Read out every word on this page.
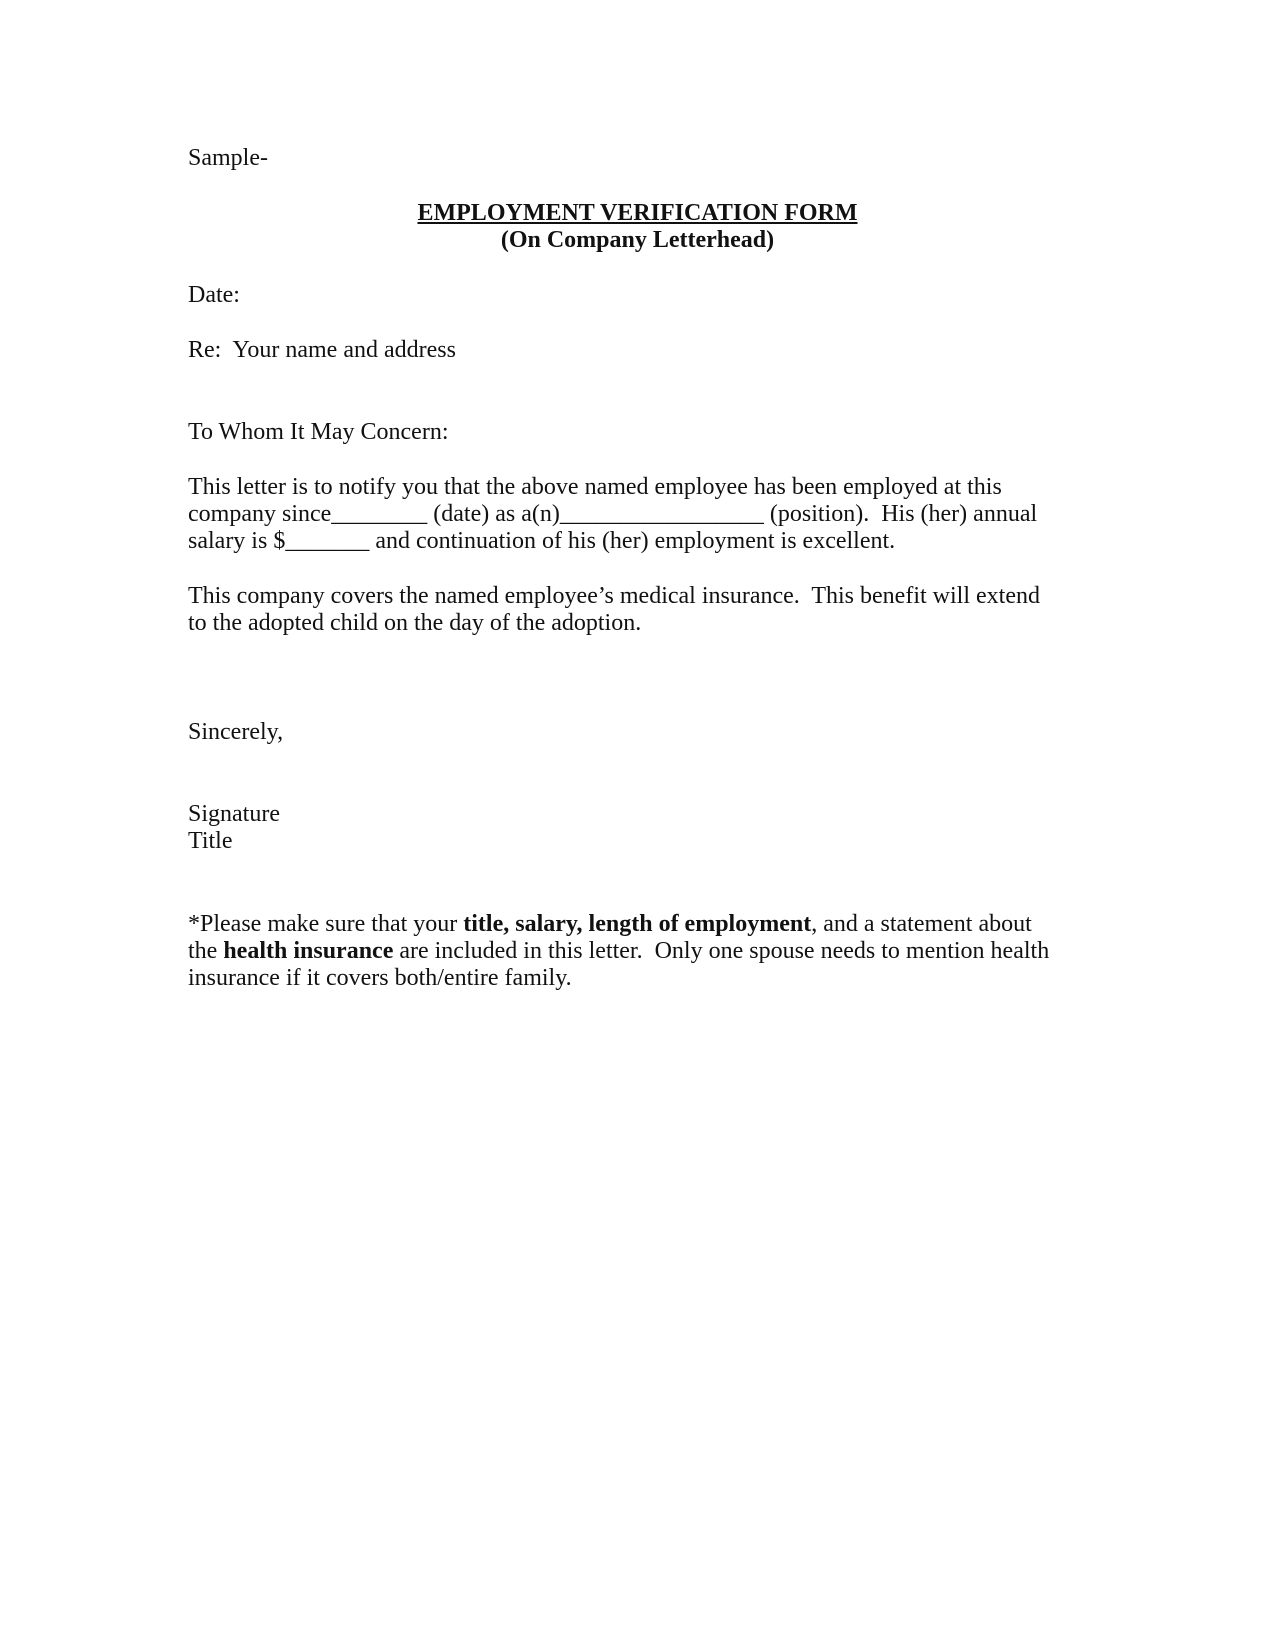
Sample-
EMPLOYMENT VERIFICATION FORM
(On Company Letterhead)
Date:
Re:  Your name and address
To Whom It May Concern:
This letter is to notify you that the above named employee has been employed at this
company since________ (date) as a(n)_________________ (position).  His (her) annual
salary is $_______ and continuation of his (her) employment is excellent.
This company covers the named employee’s medical insurance.  This benefit will extend
to the adopted child on the day of the adoption.
Sincerely,
Signature
Title
*Please make sure that your title, salary, length of employment, and a statement about
the health insurance are included in this letter.  Only one spouse needs to mention health
insurance if it covers both/entire family.
